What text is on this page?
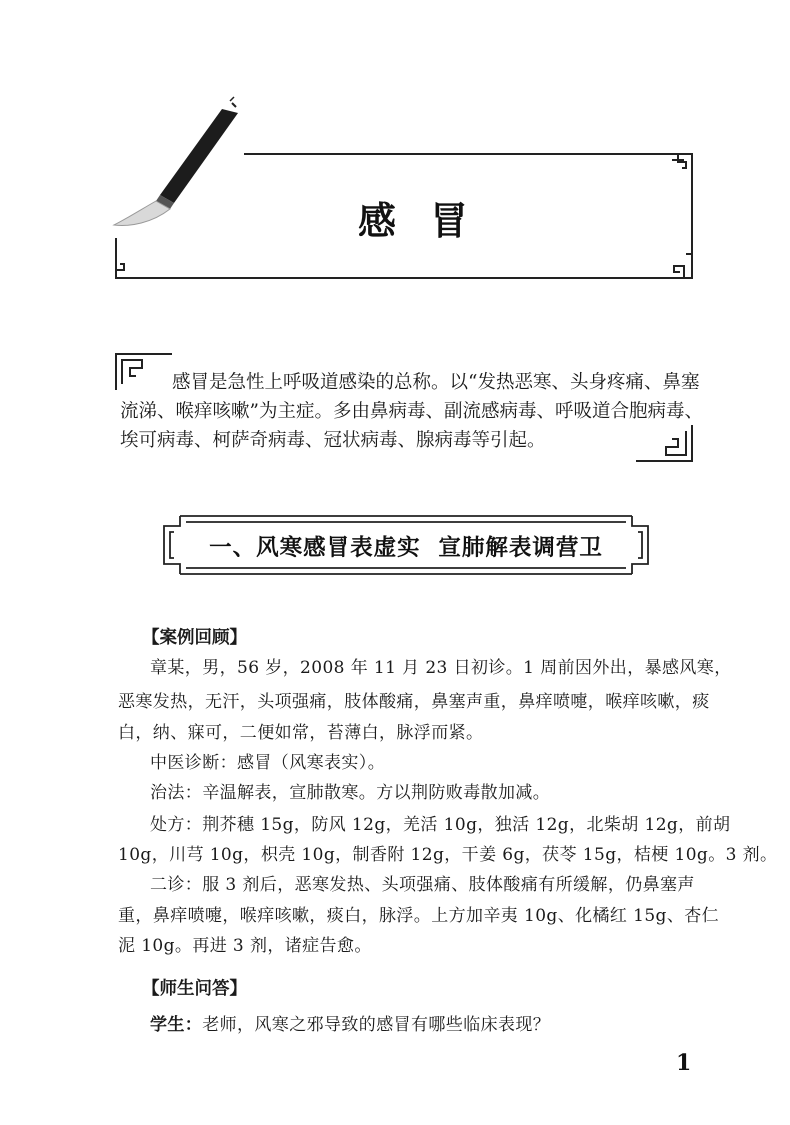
感冒
感冒是急性上呼吸道感染的总称。以“发热恶寒、头身疼痛、鼻塞
流涕、喉痒咳嗽”为主症。多由鼻病毒、副流感病毒、呼吸道合胞病毒、
埃可病毒、柯萨奇病毒、冠状病毒、腺病毒等引起。
一、风寒感冒表虚实  宣肺解表调营卫
【案例回顾】
章某，男，56 岁，2008 年 11 月 23 日初诊。1 周前因外出，暴感风寒，
恶寒发热，无汗，头项强痛，肢体酸痛，鼻塞声重，鼻痒喷嚏，喉痒咳嗽，痰
白，纳、寐可，二便如常，苔薄白，脉浮而紧。
中医诊断：感冒（风寒表实）。
治法：辛温解表，宣肺散寒。方以荆防败毒散加减。
处方：荆芥穗 15g，防风 12g，羌活 10g，独活 12g，北柴胡 12g，前胡
10g，川芎 10g，枳壳 10g，制香附 12g，干姜 6g，茯苓 15g，桔梗 10g。3 剂。
二诊：服 3 剂后，恶寒发热、头项强痛、肢体酸痛有所缓解，仍鼻塞声
重，鼻痒喷嚏，喉痒咳嗽，痰白，脉浮。上方加辛夷 10g、化橘红 15g、杏仁
泥 10g。再进 3 剂，诸症告愈。
【师生问答】
学生：老师，风寒之邪导致的感冒有哪些临床表现？
1
